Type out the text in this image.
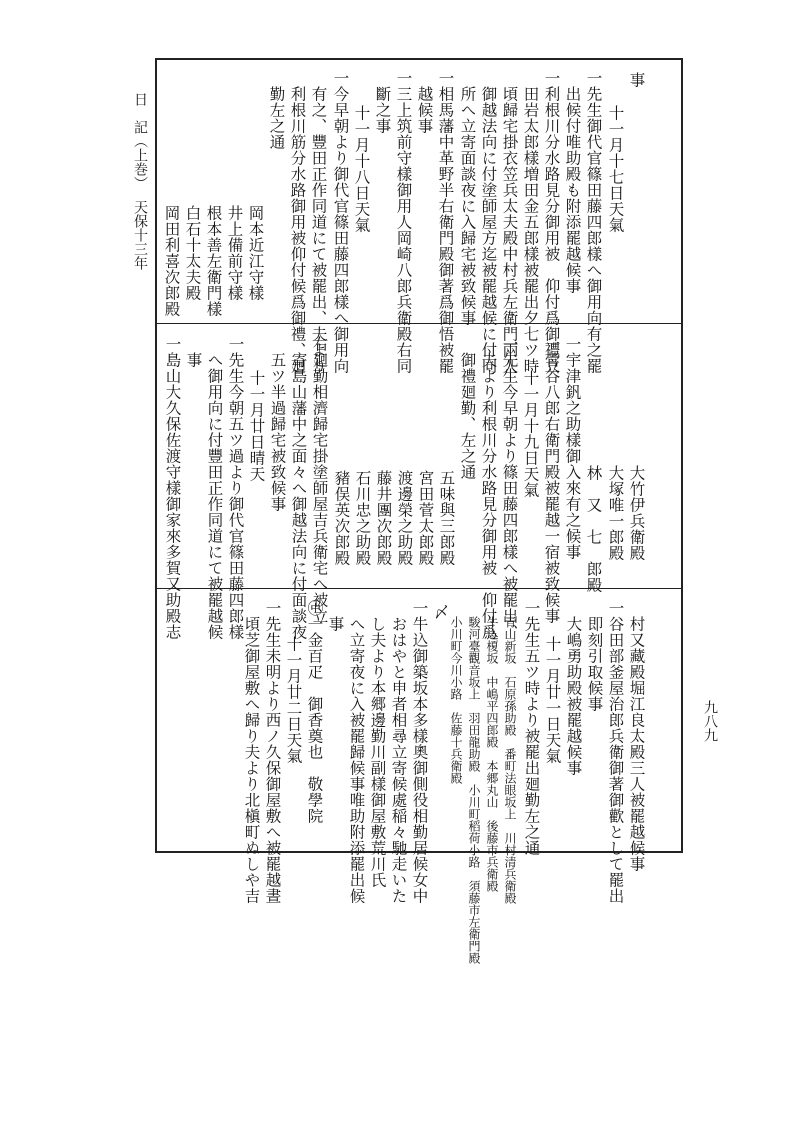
日　記（上巻）
天保十三年
九八九
事
十一月十七日天氣
一先生御代官篠田藤四郎樣へ御用向有之罷
出候付唯助殿も附添罷越候事
一利根川分水路見分御用被　仰付爲御禮立
田岩太郎樣増田金五郎樣被罷出夕七ツ時
頃歸宅掛衣笠兵太夫殿中村兵左衛門兩人
御越法向に付塗師屋方迄被罷越候に付同
所へ立寄面談夜に入歸宅被致候事
一相馬藩中革野半右衛門殿御著爲御悟被罷
越候事
一三上筑前守樣御用人岡崎八郎兵衛殿右同
斷之事
十一月十八日天氣
一今早朝より御代官篠田藤四郎樣へ御用向
有之、豐田正作同道にて被罷出、夫より
利根川筋分水路御用被仰付候爲御禮、廻
勤左之通
岡本近江守樣
井上備前守樣
根本善左衛門樣
白石十太夫殿
岡田利喜次郎殿
大竹伊兵衛殿
大塚唯一郎殿
林　又　七　郎殿
一宇津釩之助樣御入來有之候事
一菅谷八郎右衛門殿被罷越一宿被致候事
十一月十九日天氣
一先生今早朝より篠田藤四郎樣へ被罷出、
夫より利根川分水路見分御用被　仰付爲
御禮廻勤、左之通
五味與三郎殿
宮田菅太郎殿
渡邊榮之助殿
藤井團次郎殿
石川忠之助殿
豬俣英次郎殿
右廻勤相濟歸宅掛塗師屋吉兵衛宅へ被立
寄島山藩中之面々へ御越法向に付面談夜
五ツ半過歸宅被致候事
十一月廿日晴天
一先生今朝五ツ過より御代官篠田藤四郎樣
へ御用向に付豐田正作同道にて被罷越候
事
一島山大久保佐渡守樣御家來多賀又助殿志
村又藏殿堀江良太殿三人被罷越候事
一谷田部釜屋治郎兵衛御著御歡として罷出
即刻引取候事
大嶋勇助殿被罷越候事
十一月廿一日天氣
一先生五ツ時より被罷出廻勤左之通
青山新坂　石原孫助殿　番町法眼坂上　川村清兵衛殿
牛込榎坂　中嶋平四郎殿　本郷丸山　後藤市兵衛殿
駿河臺觀音坂上　羽田龍助殿　小川町稻荷小路　須藤市左衛門殿
小川町今川小路　佐藤十兵衛殿
〆
一牛込御築坂本多樣奧御側役相勤居候女中
おはやと申者相尋立寄候處稲々馳走いた
し夫より本郷邊勤川副樣御屋敷荒川氏
へ立寄夜に入被罷歸候事唯助附添罷出候
事
㊥一金百疋　御香奠也　敬學院
十一月廿二日天氣
一先生未明より西ノ久保御屋敷へ被罷越晝
頃芝御屋敷へ歸り夫より北槇町ぬしや吉
